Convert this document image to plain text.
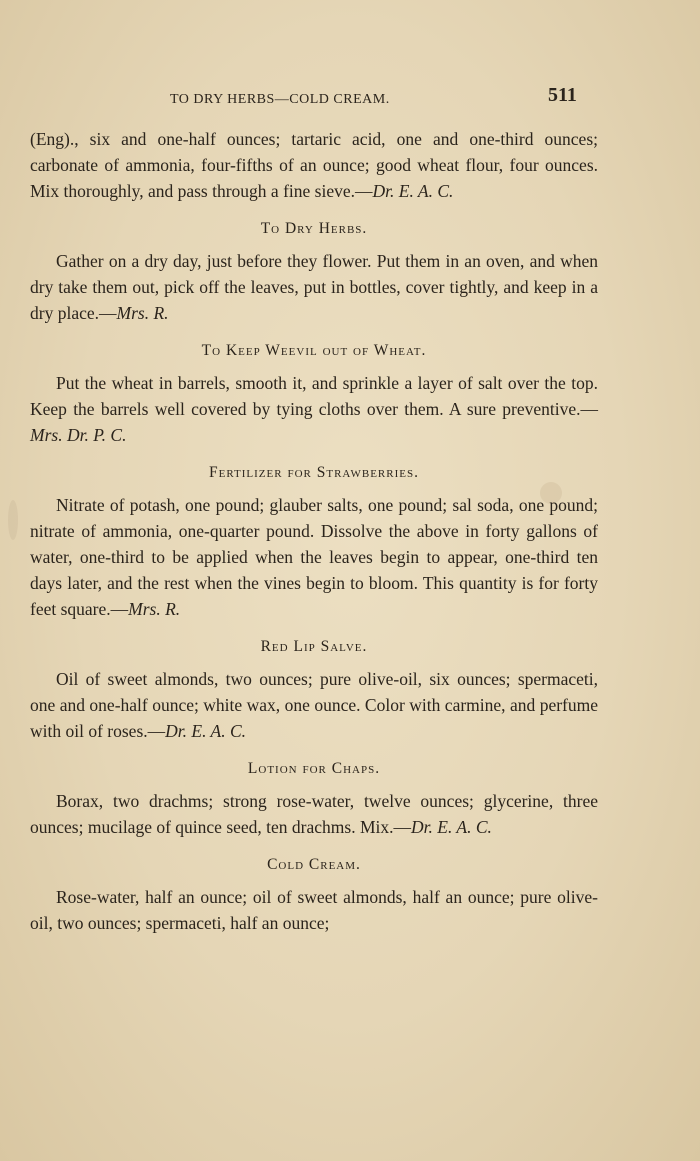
TO DRY HERBS—COLD CREAM.	511

(Eng)., six and one-half ounces; tartaric acid, one and one-third ounces; carbonate of ammonia, four-fifths of an ounce; good wheat flour, four ounces. Mix thoroughly, and pass through a fine sieve.—Dr. E. A. C.

To Dry Herbs.

Gather on a dry day, just before they flower. Put them in an oven, and when dry take them out, pick off the leaves, put in bottles, cover tightly, and keep in a dry place.—Mrs. R.

To Keep Weevil out of Wheat.

Put the wheat in barrels, smooth it, and sprinkle a layer of salt over the top. Keep the barrels well covered by tying cloths over them. A sure preventive.—Mrs. Dr. P. C.

Fertilizer for Strawberries.

Nitrate of potash, one pound; glauber salts, one pound; sal soda, one pound; nitrate of ammonia, one-quarter pound. Dissolve the above in forty gallons of water, one-third to be applied when the leaves begin to appear, one-third ten days later, and the rest when the vines begin to bloom. This quantity is for forty feet square.—Mrs. R.

Red Lip Salve.

Oil of sweet almonds, two ounces; pure olive-oil, six ounces; spermaceti, one and one-half ounce; white wax, one ounce. Color with carmine, and perfume with oil of roses.—Dr. E. A. C.

Lotion for Chaps.

Borax, two drachms; strong rose-water, twelve ounces; glycerine, three ounces; mucilage of quince seed, ten drachms. Mix.—Dr. E. A. C.

Cold Cream.

Rose-water, half an ounce; oil of sweet almonds, half an ounce; pure olive-oil, two ounces; spermaceti, half an ounce;
